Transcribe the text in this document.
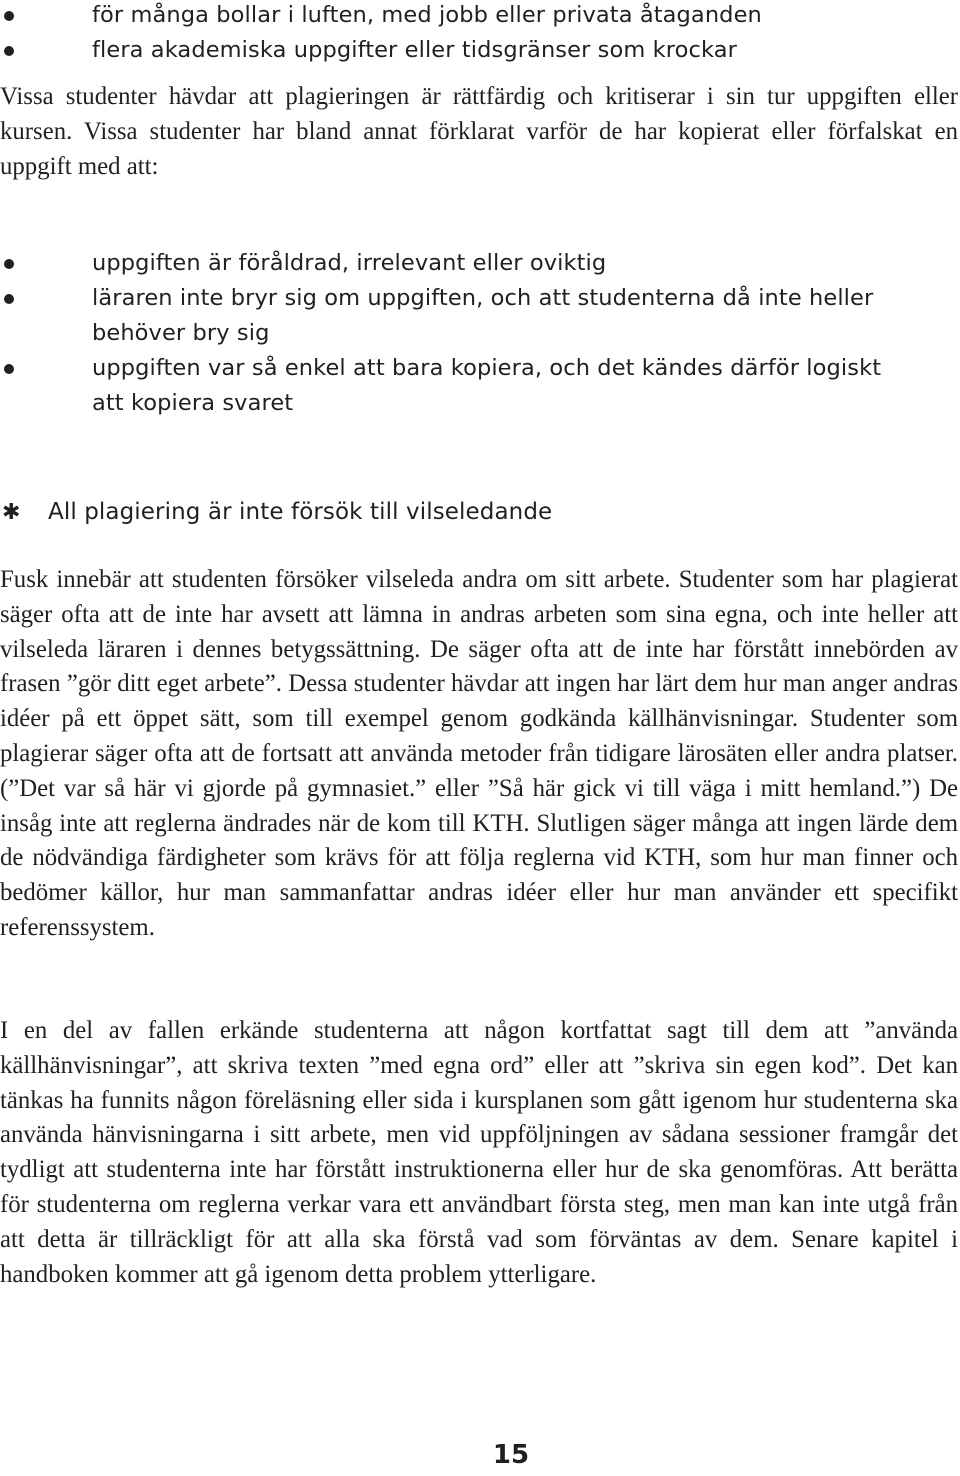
för många bollar i luften, med jobb eller privata åtaganden
flera akademiska uppgifter eller tidsgränser som krockar

Vissa studenter hävdar att plagieringen är rättfärdig och kritiserar i sin tur uppgiften eller kursen. Vissa studenter har bland annat förklarat varför de har kopierat eller förfalskat en uppgift med att:

uppgiften är föråldrad, irrelevant eller oviktig
läraren inte bryr sig om uppgiften, och att studenterna då inte heller behöver bry sig
uppgiften var så enkel att bara kopiera, och det kändes därför logiskt att kopiera svaret
✱ All plagiering är inte försök till vilseledande

Fusk innebär att studenten försöker vilseleda andra om sitt arbete. Studenter som har plagierat säger ofta att de inte har avsett att lämna in andras arbeten som sina egna, och inte heller att vilseleda läraren i dennes betygssättning. De säger ofta att de inte har förstått innebörden av frasen ”gör ditt eget arbete”. Dessa studenter hävdar att ingen har lärt dem hur man anger andras idéer på ett öppet sätt, som till exempel genom godkända källhänvisningar. Studenter som plagierar säger ofta att de fortsatt att använda metoder från tidigare lärosäten eller andra platser. (”Det var så här vi gjorde på gymnasiet.” eller ”Så här gick vi till väga i mitt hemland.”) De insåg inte att reglerna ändrades när de kom till KTH. Slutligen säger många att ingen lärde dem de nödvändiga färdigheter som krävs för att följa reglerna vid KTH, som hur man finner och bedömer källor, hur man sammanfattar andras idéer eller hur man använder ett specifikt referenssystem.

I en del av fallen erkände studenterna att någon kortfattat sagt till dem att ”använda källhänvisningar”, att skriva texten ”med egna ord” eller att ”skriva sin egen kod”. Det kan tänkas ha funnits någon föreläsning eller sida i kursplanen som gått igenom hur studenterna ska använda hänvisningarna i sitt arbete, men vid uppföljningen av sådana sessioner framgår det tydligt att studenterna inte har förstått instruktionerna eller hur de ska genomföras. Att berätta för studenterna om reglerna verkar vara ett användbart första steg, men man kan inte utgå från att detta är tillräckligt för att alla ska förstå vad som förväntas av dem. Senare kapitel i handboken kommer att gå igenom detta problem ytterligare.

15
